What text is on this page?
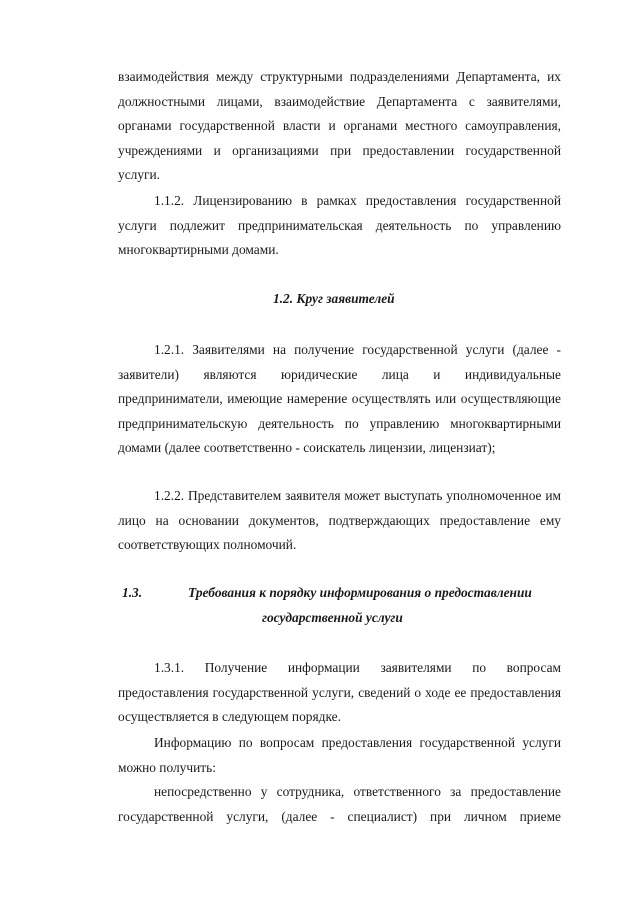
взаимодействия между структурными подразделениями Департамента, их должностными лицами, взаимодействие Департамента с заявителями, органами государственной власти и органами местного самоуправления, учреждениями и организациями при предоставлении государственной услуги.

1.1.2. Лицензированию в рамках предоставления государственной услуги подлежит предпринимательская деятельность по управлению многоквартирными домами.

1.2. Круг заявителей

1.2.1. Заявителями на получение государственной услуги (далее - заявители) являются юридические лица и индивидуальные предприниматели, имеющие намерение осуществлять или осуществляющие предпринимательскую деятельность по управлению многоквартирными домами (далее соответственно - соискатель лицензии, лицензиат);

1.2.2. Представителем заявителя может выступать уполномоченное им лицо на основании документов, подтверждающих предоставление ему соответствующих полномочий.

1.3.	Требования к порядку информирования о предоставлении
государственной услуги

1.3.1. Получение информации заявителями по вопросам предоставления государственной услуги, сведений о ходе ее предоставления осуществляется в следующем порядке.

Информацию по вопросам предоставления государственной услуги можно получить:

непосредственно у сотрудника, ответственного за предоставление
государственной услуги, (далее - специалист) при личном приеме
